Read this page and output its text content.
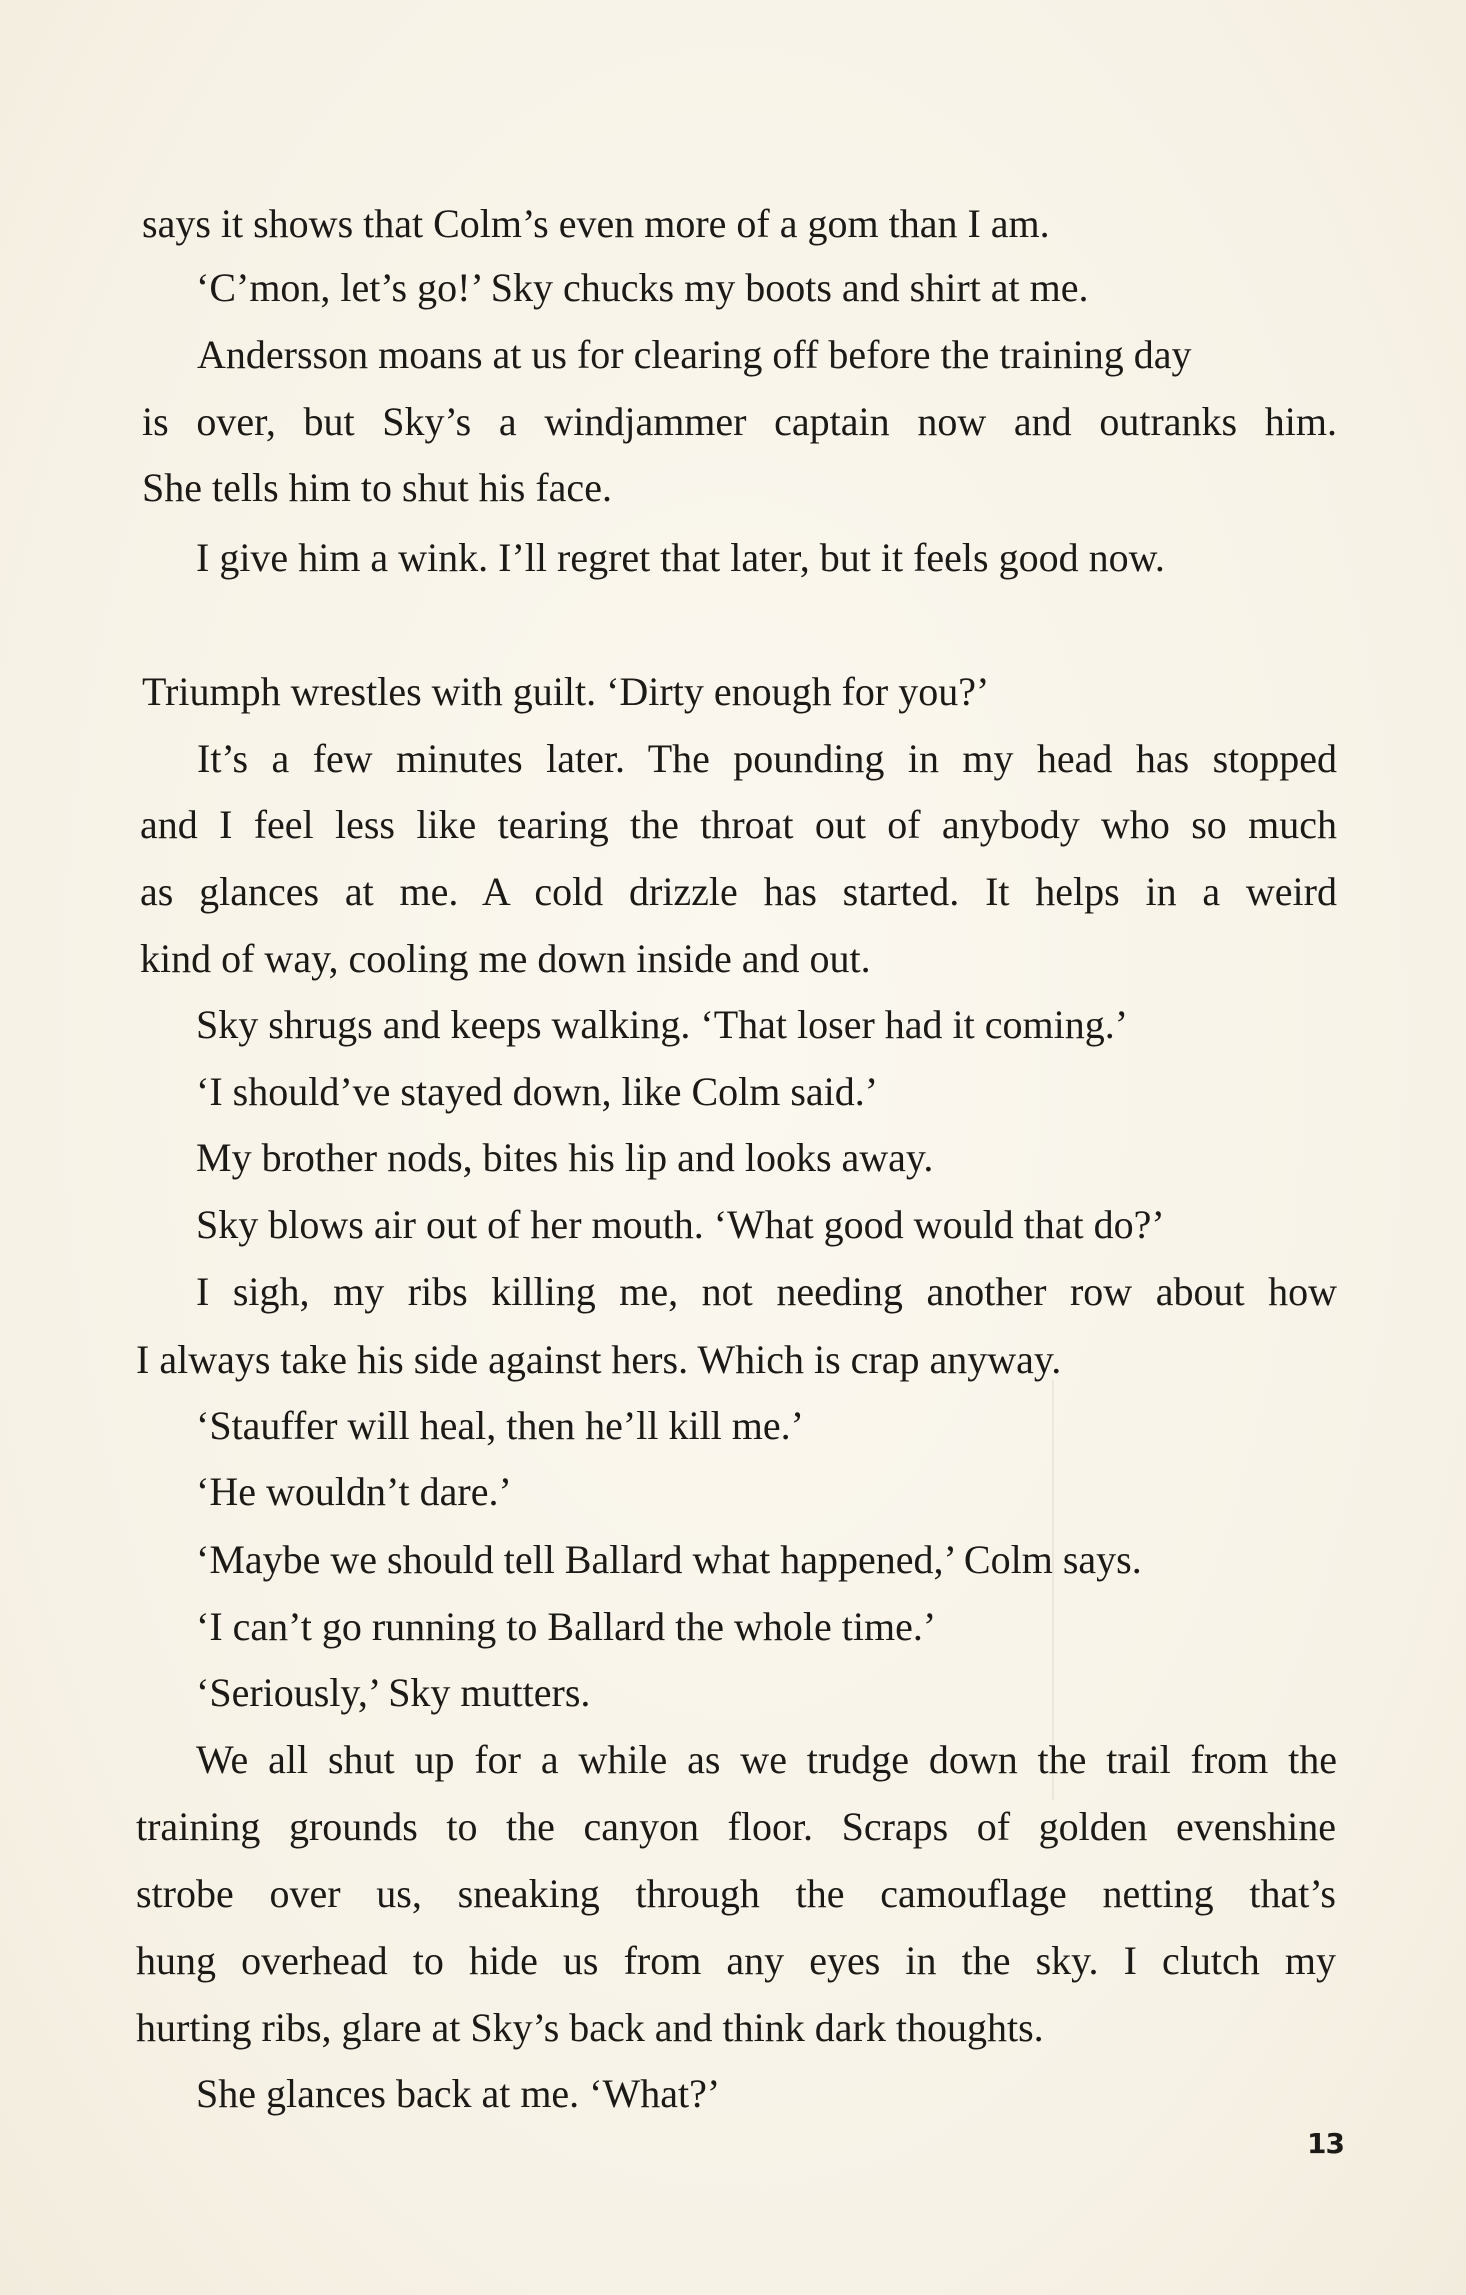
says it shows that Colm’s even more of a gom than I am.
‘C’mon, let’s go!’ Sky chucks my boots and shirt at me.
Andersson moans at us for clearing off before the training day
is over, but Sky’s a windjammer captain now and outranks him.
She tells him to shut his face.
I give him a wink. I’ll regret that later, but it feels good now.
Triumph wrestles with guilt. ‘Dirty enough for you?’
It’s a few minutes later. The pounding in my head has stopped
and I feel less like tearing the throat out of anybody who so much
as glances at me. A cold drizzle has started. It helps in a weird
kind of way, cooling me down inside and out.
Sky shrugs and keeps walking. ‘That loser had it coming.’
‘I should’ve stayed down, like Colm said.’
My brother nods, bites his lip and looks away.
Sky blows air out of her mouth. ‘What good would that do?’
I sigh, my ribs killing me, not needing another row about how
I always take his side against hers. Which is crap anyway.
‘Stauffer will heal, then he’ll kill me.’
‘He wouldn’t dare.’
‘Maybe we should tell Ballard what happened,’ Colm says.
‘I can’t go running to Ballard the whole time.’
‘Seriously,’ Sky mutters.
We all shut up for a while as we trudge down the trail from the
training grounds to the canyon floor. Scraps of golden evenshine
strobe over us, sneaking through the camouflage netting that’s
hung overhead to hide us from any eyes in the sky. I clutch my
hurting ribs, glare at Sky’s back and think dark thoughts.
She glances back at me. ‘What?’
13
